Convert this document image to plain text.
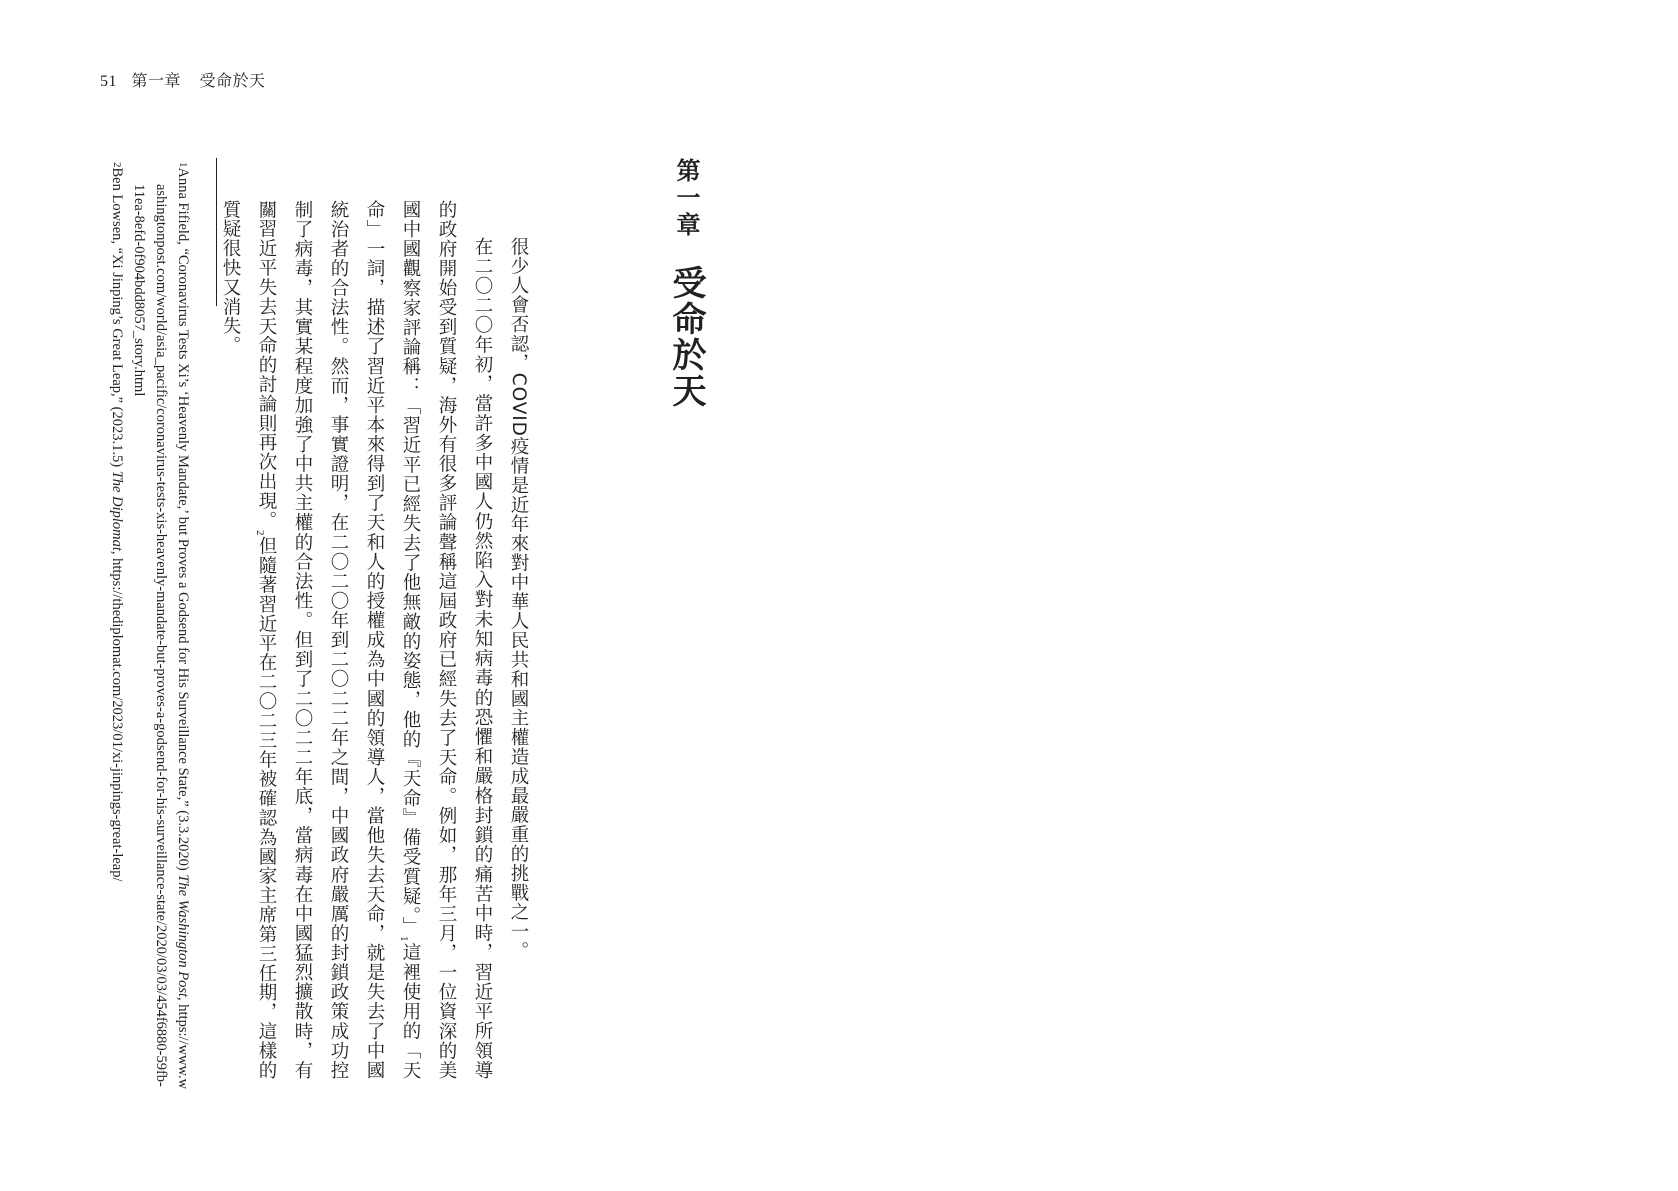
51 第一章 受命於天
第一章受命於天

很少人會否認，COVID疫情是近年來對中華人民共和國主權造成最嚴重的挑戰之一。

在二〇二〇年初，當許多中國人仍然陷入對未知病毒的恐懼和嚴格封鎖的痛苦中時，習近平所領導的政府開始受到質疑，海外有很多評論聲稱這屆政府已經失去了天命。例如，那年三月，一位資深的美國中國觀察家評論稱：「習近平已經失去了他無敵的姿態，他的『天命』備受質疑。」1這裡使用的「天命」一詞，描述了習近平本來得到了天和人的授權成為中國的領導人，當他失去天命，就是失去了中國統治者的合法性。然而，事實證明，在二〇二〇年到二〇二二年之間，中國政府嚴厲的封鎖政策成功控制了病毒，其實某程度加強了中共主權的合法性。但到了二〇二二年底，當病毒在中國猛烈擴散時，有關習近平失去天命的討論則再次出現。2但隨著習近平在二〇二三年被確認為國家主席第三任期，這樣的質疑很快又消失。

1Anna Fifield, “Coronavirus Tests Xi’s ‘Heavenly Mandate,’ but Proves a Godsend for His Surveillance State,” (3.3.2020) The Washington Post, https://www.washingtonpost.com/world/asia_pacific/coronavirus-tests-xis-heavenly-mandate-but-proves-a-godsend-for-his-surveillance-state/2020/03/03/454f6880-59fb-11ea-8efd-0f904bdd8057_story.html

2Ben Lowsen, “Xi Jinping’s Great Leap,” (2023.1.5) The Diplomat, https://thediplomat.com/2023/01/xi-jinpings-great-leap/
